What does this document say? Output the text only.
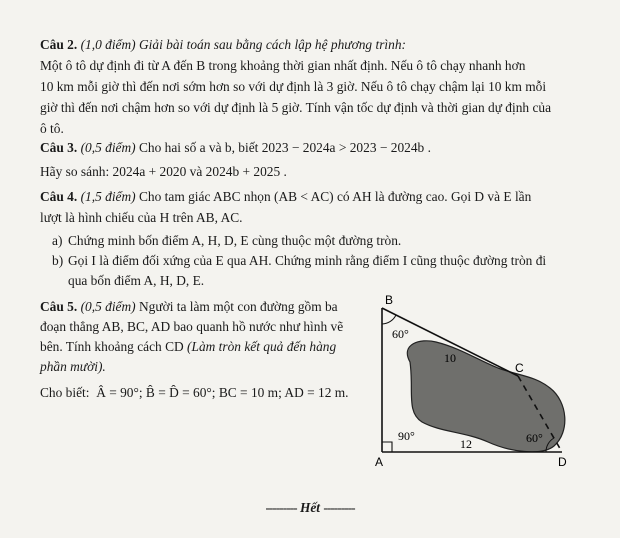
Câu 2. (1,0 điểm) Giải bài toán sau bằng cách lập hệ phương trình:
Một ô tô dự định đi từ A đến B trong khoảng thời gian nhất định. Nếu ô tô chạy nhanh hơn
10 km mỗi giờ thì đến nơi sớm hơn so với dự định là 3 giờ. Nếu ô tô chạy chậm lại 10 km mỗi
giờ thì đến nơi chậm hơn so với dự định là 5 giờ. Tính vận tốc dự định và thời gian dự định của
ô tô.
Câu 3. (0,5 điểm) Cho hai số a và b, biết 2023 − 2024a > 2023 − 2024b .
Hãy so sánh: 2024a + 2020 và 2024b + 2025 .
Câu 4. (1,5 điểm) Cho tam giác ABC nhọn (AB < AC) có AH là đường cao. Gọi D và E lần
lượt là hình chiếu của H trên AB, AC.
a) Chứng minh bốn điểm A, H, D, E cùng thuộc một đường tròn.
b) Gọi I là điểm đối xứng của E qua AH. Chứng minh rằng điểm I cũng thuộc đường tròn đi
qua bốn điểm A, H, D, E.
Câu 5. (0,5 điểm) Người ta làm một con đường gồm ba
đoạn thẳng AB, BC, AD bao quanh hồ nước như hình vẽ
bên. Tính khoảng cách CD (Làm tròn kết quả đến hàng
phần mười).
Cho biết: Â = 90°; B̂ = D̂ = 60°; BC = 10 m; AD = 12 m.
B
C
A	D
60°
90°	60°
10
12
--------- Hết ---------
